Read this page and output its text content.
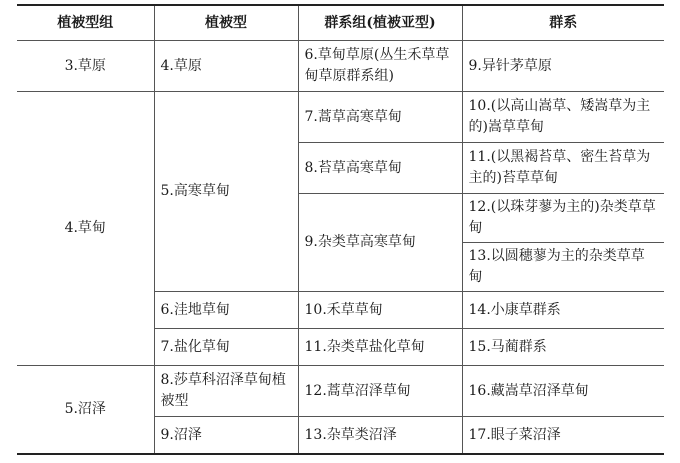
植被型组	植被型	群系组(植被亚型)	群系
3.草原	4.草原	6.草甸草原(丛生禾草草甸草原群系组)	9.异针茅草原
4.草甸	5.高寒草甸	7.蒿草高寒草甸	10.(以高山嵩草、矮嵩草为主的)嵩草草甸
		8.苔草高寒草甸	11.(以黑褐苔草、密生苔草为主的)苔草草甸
		9.杂类草高寒草甸	12.(以珠芽蓼为主的)杂类草草甸
			13.以圆穗蓼为主的杂类草草甸
	6.洼地草甸	10.禾草草甸	14.小康草群系
	7.盐化草甸	11.杂类草盐化草甸	15.马蔺群系
5.沼泽	8.莎草科沼泽草甸植被型	12.蒿草沼泽草甸	16.藏嵩草沼泽草甸
	9.沼泽	13.杂草类沼泽	17.眼子菜沼泽
